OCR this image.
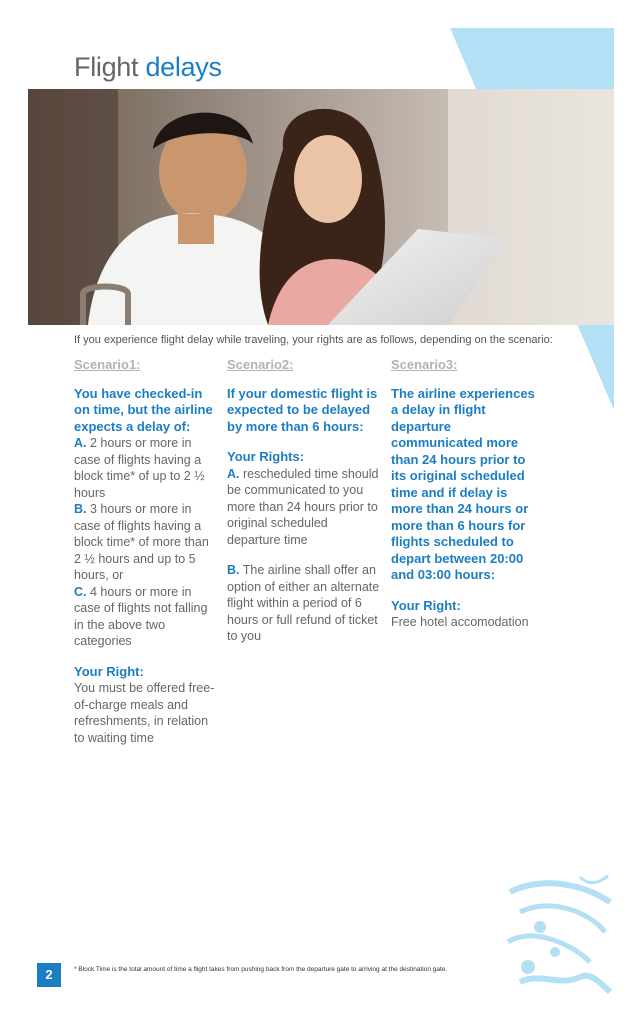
Flight delays
If you experience flight delay while traveling, your rights are as follows, depending on the scenario:
Scenario1:
You have checked-in on time, but the airline expects a delay of:
A. 2 hours or more in case of flights having a block time* of up to 2 ½ hours
B. 3 hours or more in case of flights having a block time* of more than 2 ½ hours and up to 5 hours, or
C. 4 hours or more in case of flights not falling in the above two categories
Your Right:
You must be offered free-of-charge meals and refreshments, in relation to waiting time
Scenario2:
If your domestic flight is expected to be delayed by more than 6 hours:
Your Rights:
A. rescheduled time should be communicated to you more than 24 hours prior to original scheduled departure time
B. The airline shall offer an option of either an alternate flight within a period of 6 hours or full refund of ticket to you
Scenario3:
The airline experiences a delay in flight departure communicated more than 24 hours prior to its original scheduled time and if delay is more than 24 hours or more than 6 hours for flights scheduled to depart between 20:00 and 03:00 hours:
Your Right:
Free hotel accomodation
2	* Block Time is the total amount of time a flight takes from pushing back from the departure gate to arriving at the destination gate.
